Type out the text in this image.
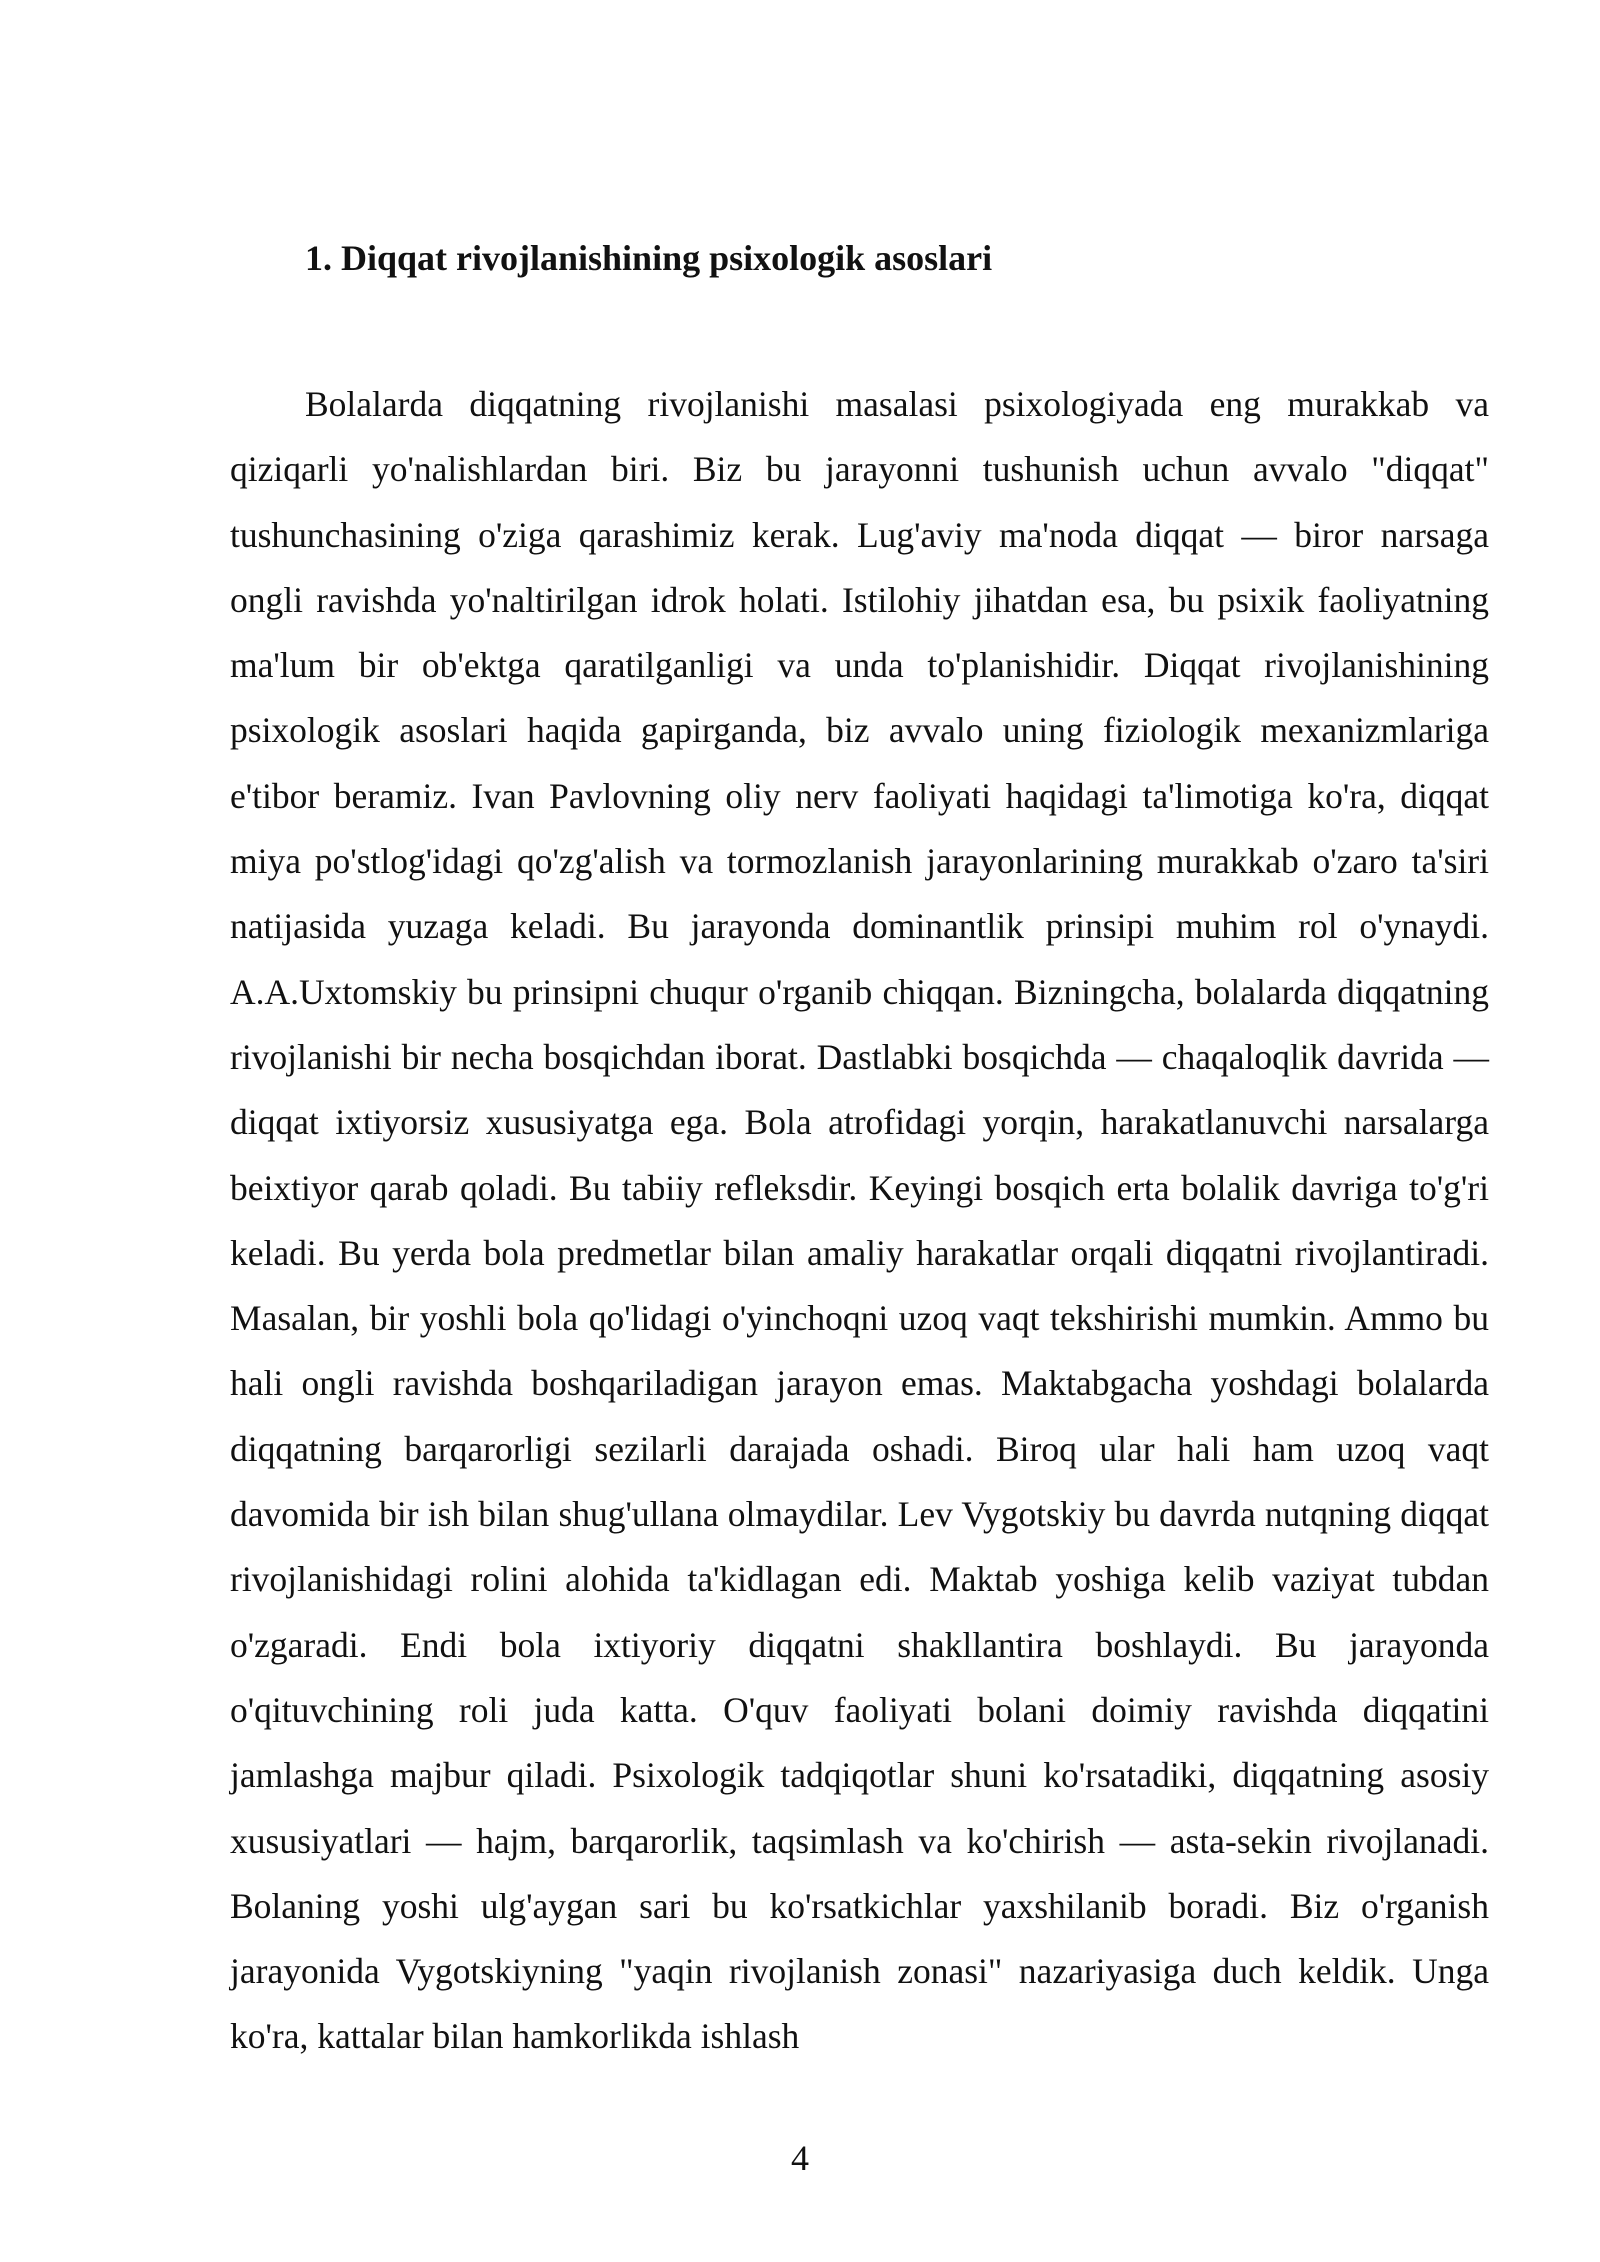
1. Diqqat rivojlanishining psixologik asoslari

Bolalarda diqqatning rivojlanishi masalasi psixologiyada eng murakkab va qiziqarli yo'nalishlardan biri. Biz bu jarayonni tushunish uchun avvalo "diqqat" tushunchasining o'ziga qarashimiz kerak. Lug'aviy ma'noda diqqat — biror narsaga ongli ravishda yo'naltirilgan idrok holati. Istilohiy jihatdan esa, bu psixik faoliyatning ma'lum bir ob'ektga qaratilganligi va unda to'planishidir. Diqqat rivojlanishining psixologik asoslari haqida gapirganda, biz avvalo uning fiziologik mexanizmlariga e'tibor beramiz. Ivan Pavlovning oliy nerv faoliyati haqidagi ta'limotiga ko'ra, diqqat miya po'stlog'idagi qo'zg'alish va tormozlanish jarayonlarining murakkab o'zaro ta'siri natijasida yuzaga keladi. Bu jarayonda dominantlik prinsipi muhim rol o'ynaydi. A.A.Uxtomskiy bu prinsipni chuqur o'rganib chiqqan. Bizningcha, bolalarda diqqatning rivojlanishi bir necha bosqichdan iborat. Dastlabki bosqichda — chaqaloqlik davrida — diqqat ixtiyorsiz xususiyatga ega. Bola atrofidagi yorqin, harakatlanuvchi narsalarga beixtiyor qarab qoladi. Bu tabiiy refleksdir. Keyingi bosqich erta bolalik davriga to'g'ri keladi. Bu yerda bola predmetlar bilan amaliy harakatlar orqali diqqatni rivojlantiradi. Masalan, bir yoshli bola qo'lidagi o'yinchoqni uzoq vaqt tekshirishi mumkin. Ammo bu hali ongli ravishda boshqariladigan jarayon emas. Maktabgacha yoshdagi bolalarda diqqatning barqarorligi sezilarli darajada oshadi. Biroq ular hali ham uzoq vaqt davomida bir ish bilan shug'ullana olmaydilar. Lev Vygotskiy bu davrda nutqning diqqat rivojlanishidagi rolini alohida ta'kidlagan edi. Maktab yoshiga kelib vaziyat tubdan o'zgaradi. Endi bola ixtiyoriy diqqatni shakllantira boshlaydi. Bu jarayonda o'qituvchining roli juda katta. O'quv faoliyati bolani doimiy ravishda diqqatini jamlashga majbur qiladi. Psixologik tadqiqotlar shuni ko'rsatadiki, diqqatning asosiy xususiyatlari — hajm, barqarorlik, taqsimlash va ko'chirish — asta-sekin rivojlanadi. Bolaning yoshi ulg'aygan sari bu ko'rsatkichlar yaxshilanib boradi. Biz o'rganish jarayonida Vygotskiyning "yaqin rivojlanish zonasi" nazariyasiga duch keldik. Unga ko'ra, kattalar bilan hamkorlikda ishlash

4
